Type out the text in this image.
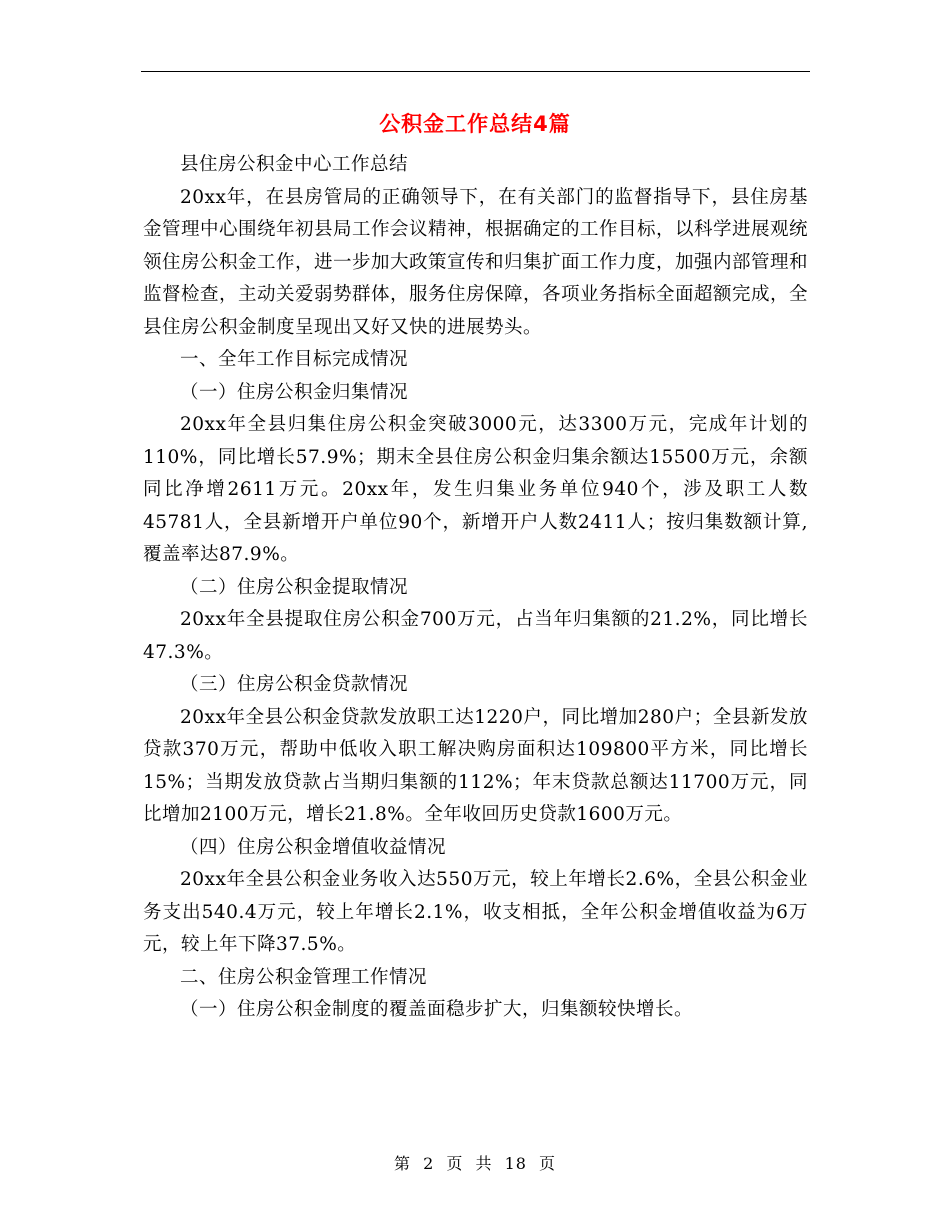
公积金工作总结4篇

县住房公积金中心工作总结

20xx年，在县房管局的正确领导下，在有关部门的监督指导下，县住房基金管理中心围绕年初县局工作会议精神，根据确定的工作目标，以科学进展观统领住房公积金工作，进一步加大政策宣传和归集扩面工作力度，加强内部管理和监督检查，主动关爱弱势群体，服务住房保障，各项业务指标全面超额完成，全县住房公积金制度呈现出又好又快的进展势头。

一、全年工作目标完成情况

（一）住房公积金归集情况

20xx年全县归集住房公积金突破3000元，达3300万元，完成年计划的110%，同比增长57.9%；期末全县住房公积金归集余额达15500万元，余额同比净增2611万元。20xx年，发生归集业务单位940个，涉及职工人数45781人，全县新增开户单位90个，新增开户人数2411人；按归集数额计算,覆盖率达87.9%。

（二）住房公积金提取情况

20xx年全县提取住房公积金700万元，占当年归集额的21.2%，同比增长47.3%。

（三）住房公积金贷款情况

20xx年全县公积金贷款发放职工达1220户，同比增加280户；全县新发放贷款370万元，帮助中低收入职工解决购房面积达109800平方米，同比增长15%；当期发放贷款占当期归集额的112%；年末贷款总额达11700万元，同比增加2100万元，增长21.8%。全年收回历史贷款1600万元。

（四）住房公积金增值收益情况

20xx年全县公积金业务收入达550万元，较上年增长2.6%，全县公积金业务支出540.4万元，较上年增长2.1%，收支相抵，全年公积金增值收益为6万元，较上年下降37.5%。

二、住房公积金管理工作情况

（一）住房公积金制度的覆盖面稳步扩大，归集额较快增长。

第 2 页 共 18 页
